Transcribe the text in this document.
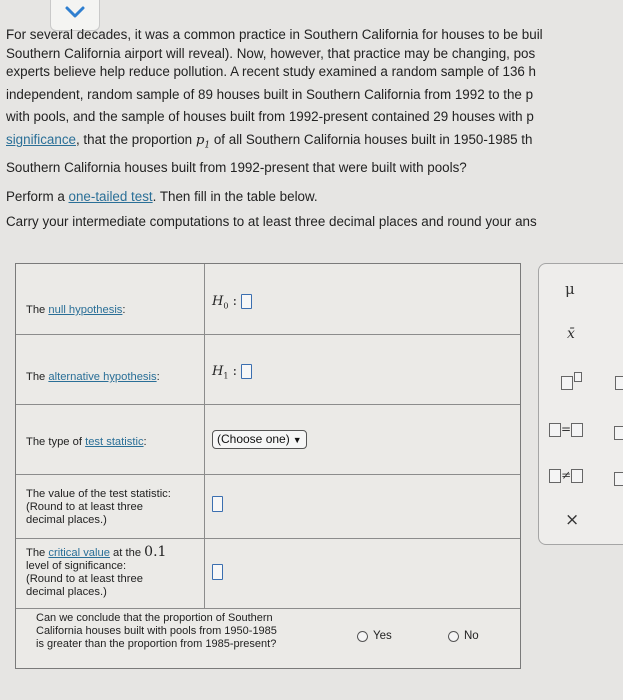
For several decades, it was a common practice in Southern California for houses to be buil

Southern California airport will reveal). Now, however, that practice may be changing, pos

experts believe help reduce pollution. A recent study examined a random sample of 136 h

independent, random sample of 89 houses built in Southern California from 1992 to the p

with pools, and the sample of houses built from 1992-present contained 29 houses with p

significance, that the proportion $p_1$ of all Southern California houses built in 1950-1985 th

Southern California houses built from 1992-present that were built with pools?

Perform a one-tailed test. Then fill in the table below.

Carry your intermediate computations to at least three decimal places and round your ans

The null hypothesis:
$H_0$ :
The alternative hypothesis:	$H_1$ :
The type of test statistic:	(Choose one) ▼
The value of the test statistic:
(Round to at least three
decimal places.)
The critical value at the 0.1
level of significance:
(Round to at least three
decimal places.)
Can we conclude that the proportion of Southern
California houses built with pools from 1950-1985
is greater than the proportion from 1985-present?
Yes	No
μ
x̄
=
≠
×
